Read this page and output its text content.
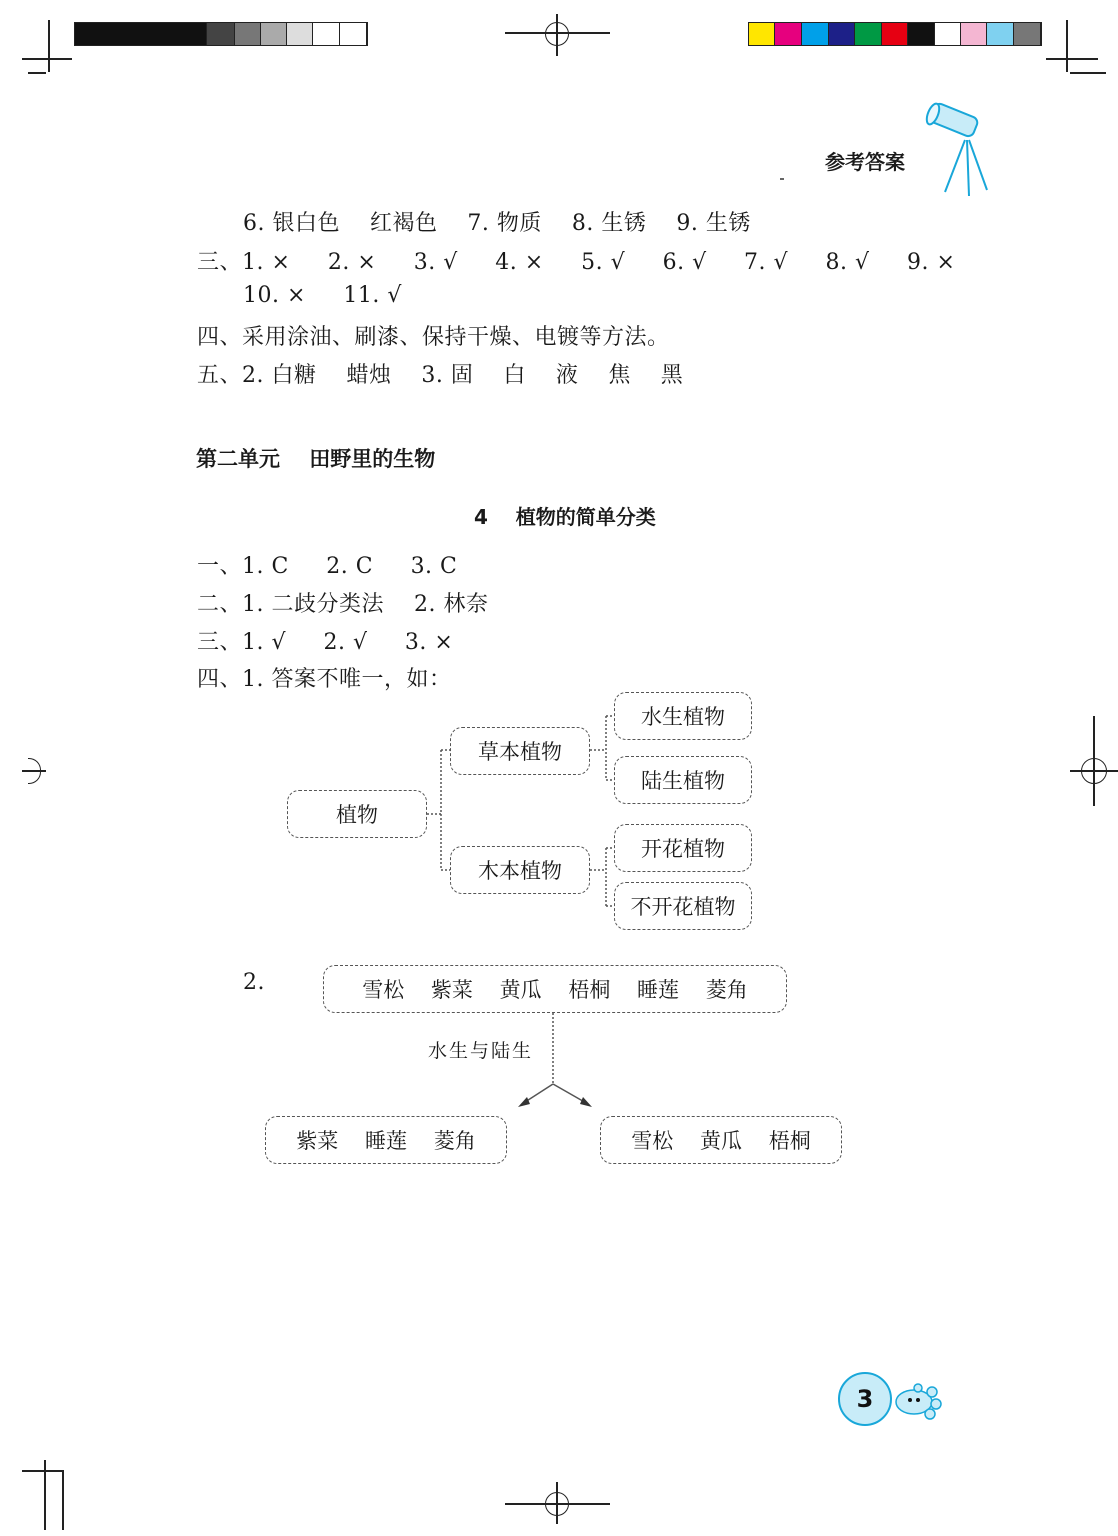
参考答案
6. 银白色    红褐色    7. 物质    8. 生锈    9. 生锈
三、1. ×     2. ×     3. √     4. ×     5. √     6. √     7. √     8. √     9. ×
10. ×     11. √
四、采用涂油、刷漆、保持干燥、电镀等方法。
五、2. 白糖    蜡烛    3. 固    白    液    焦    黑
第二单元    田野里的生物
4    植物的简单分类
一、1. C     2. C     3. C
二、1. 二歧分类法    2. 林奈
三、1. √     2. √     3. ×
四、1. 答案不唯一，如：
植物
草本植物
木本植物
水生植物
陆生植物
开花植物
不开花植物
2.	雪松    紫菜    黄瓜    梧桐    睡莲    菱角
水生与陆生
紫菜    睡莲    菱角	雪松    黄瓜    梧桐
3
